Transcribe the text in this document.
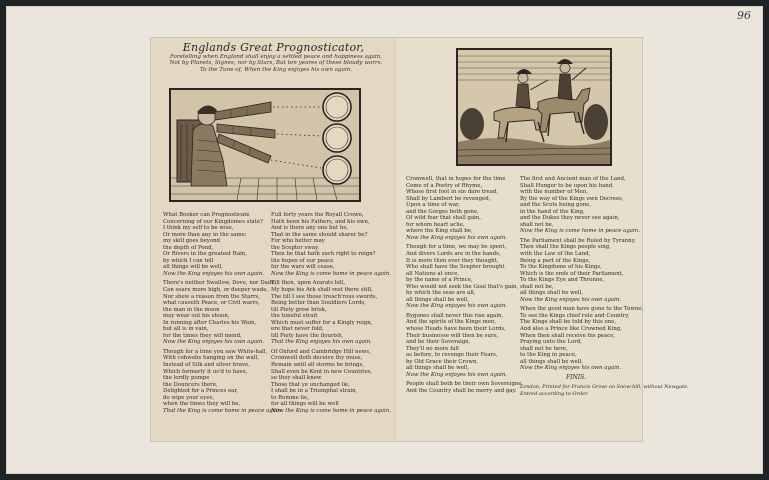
96
Englands Great Prognosticator,
Foretelling when England shall enjoy a settled peace and happiness again,
Not by Planets, Signes, nor by Stars, But ten yeares of these bloudy warrs.
To the Tune of, When the King enjoyes his own again.
What Booker can Prognosticate
Concerning of our Kingdomes state?
I think my self to be wise,
Or more than any in the same:
my skill goes beyond
the depth of Pond,
Or Rivers in the greatest Rain,
by which I can tell
all things will be well,
Now the King enjoyes his own again.
There's neither Swallow, Dove, nor Dade,
Can soare more high, or deeper wade,
Nor shew a reason from the Starrs,
what causeth Peace, or Civil warrs,
the man in the moon
may wear out his shoon,
In running after Charles his Wain,
but all is in vain,
for the times they will mend,
Now the King enjoyes his own again.
Though for a time you saw White-hall,
With cobwebs hanging on the wall,
Instead of Silk and silver brave,
Which formerly it us'd to have,
the lordly pompe
the Douncers there,
Delighted for a Princes ear,
do wipe your eyes,
when the times they will be,
That the King is come home in peace again.
Full forty years the Royall Crown,
Hath been his Fathers, and his own,
And is there any one but he,
That in the same should sharer be?
For who better may
the Scepter sway,
Then he that hath such right to reign?
the hopes of our peace
for the wars will cease,
Now the King is come home in peace again.
Till then, upon Ararats hill,
My hope his Ark shall rest there still,
The till I see those treach'rous swords,
Being better than Souldiers Lords,
till Piety grow brisk,
the tuneful strait
Which must suffer for a Kingly reign,
ere that never fold,
till Piety have the flourish,
That the King enjoyes his own again.
Of Oxford and Cambridge Hill news,
Cromwell doth deceive thy muse,
Remain until all storms he brings,
Shall even be Kent in new Countries,
so they shall knew
Those that ye unchanged lie,
I shall be in a Triumphal strain,
to Romme lie,
for all things will be well
Now the King is come home in peace again.
Cromwell, that in hopes for the time
Come of a Poetry of Rhyme,
Whose first foot in sin dare tread,
Shall by Lambert be revenged,
Upon a time of war,
and the Gorges both gone,
Of wild fear that shall gain,
for whom heart ache,
where the King shall be,
Now the King enjoyes his own again.
Though for a time, we may be spent,
And divers Lords are in the hands,
It is more then ever they thought,
Who shall have the Scepter brought
all Nations at once,
by the name of a Prince,
Who would not seek the Goal that's gain,
by which the seas are all,
all things shall be well,
Now the King enjoyes his own again.
Bygones shall never this rise again,
And the spirits of the Kings men,
whose Heads have been their Lords,
Their businesse will then be sure,
and be their Soveraign,
They'll no more fall
as before, to revenge their Fears,
by Old Grace their Crown,
all things shall be well,
Now the King enjoyes his own again.
People shall both be their own Sovereigne,
And the Country shall be merry and gay.
The first and Ancient man of the Land,
Shall Hunger to be upon his hand,
with the number of Men,
By the way of the Kings own Decrees,
and the Scots being gone,
in the hand of the King,
and the Dukes they never see again,
shall not be,
Now the King is come home in peace again.
The Parliament shall be Ruled by Tyranny,
Then shall the Kings people sing,
with the Law of the Land,
Being a part of the Kings,
To the Kingdome of his Kings,
Which is the ends of their Parliament,
To the Kings Eye and Thronne,
shall not be,
all things shall be well,
Now the King enjoyes his own again.
When the good man have gone to the Towne,
To see the Kings chief rule and Country,
The Kings shall be told by this one,
And also a Prince like Crowned King,
When then shall receive his peace,
Praying unto the Lord,
shall not be here,
to the King in peace,
all things shall be well,
Now the King enjoyes his own again.
FINIS.
London, Printed for Francis Grove on Snow-hill, without Newgate.
Entred according to Order.
